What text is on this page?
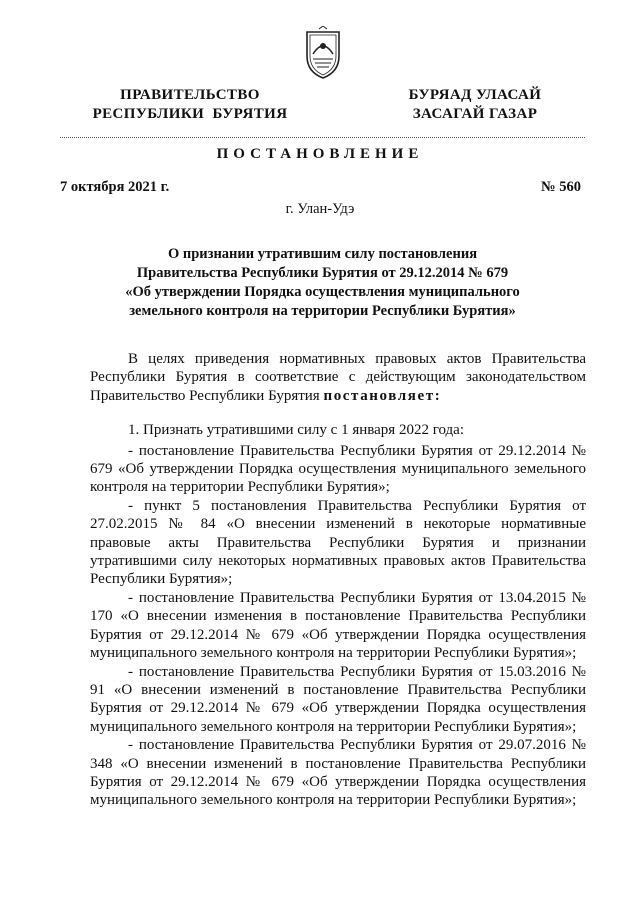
ПРАВИТЕЛЬСТВО
РЕСПУБЛИКИ  БУРЯТИЯ
БУРЯАД УЛАСАЙ
ЗАСАГАЙ ГАЗАР
ПОСТАНОВЛЕНИЕ
7 октября 2021 г.	№ 560
г. Улан-Удэ
О признании утратившим силу постановления
Правительства Республики Бурятия от 29.12.2014 № 679
«Об утверждении Порядка осуществления муниципального
земельного контроля на территории Республики Бурятия»

В целях приведения нормативных правовых актов Правительства Республики Бурятия в соответствие с действующим законодательством Правительство Республики Бурятия постановляет:

1. Признать утратившими силу с 1 января 2022 года:

- постановление Правительства Республики Бурятия от 29.12.2014 № 679 «Об утверждении Порядка осуществления муниципального земельного контроля на территории Республики Бурятия»;
- пункт 5 постановления Правительства Республики Бурятия от 27.02.2015 № 84 «О внесении изменений в некоторые нормативные правовые акты Правительства Республики Бурятия и признании утратившими силу некоторых нормативных правовых актов Правительства Республики Бурятия»;
- постановление Правительства Республики Бурятия от 13.04.2015 № 170 «О внесении изменения в постановление Правительства Республики Бурятия от 29.12.2014 № 679 «Об утверждении Порядка осуществления муниципального земельного контроля на территории Республики Бурятия»;
- постановление Правительства Республики Бурятия от 15.03.2016 № 91 «О внесении изменений в постановление Правительства Республики Бурятия от 29.12.2014 № 679 «Об утверждении Порядка осуществления муниципального земельного контроля на территории Республики Бурятия»;
- постановление Правительства Республики Бурятия от 29.07.2016 № 348 «О внесении изменений в постановление Правительства Республики Бурятия от 29.12.2014 № 679 «Об утверждении Порядка осуществления муниципального земельного контроля на территории Республики Бурятия»;
